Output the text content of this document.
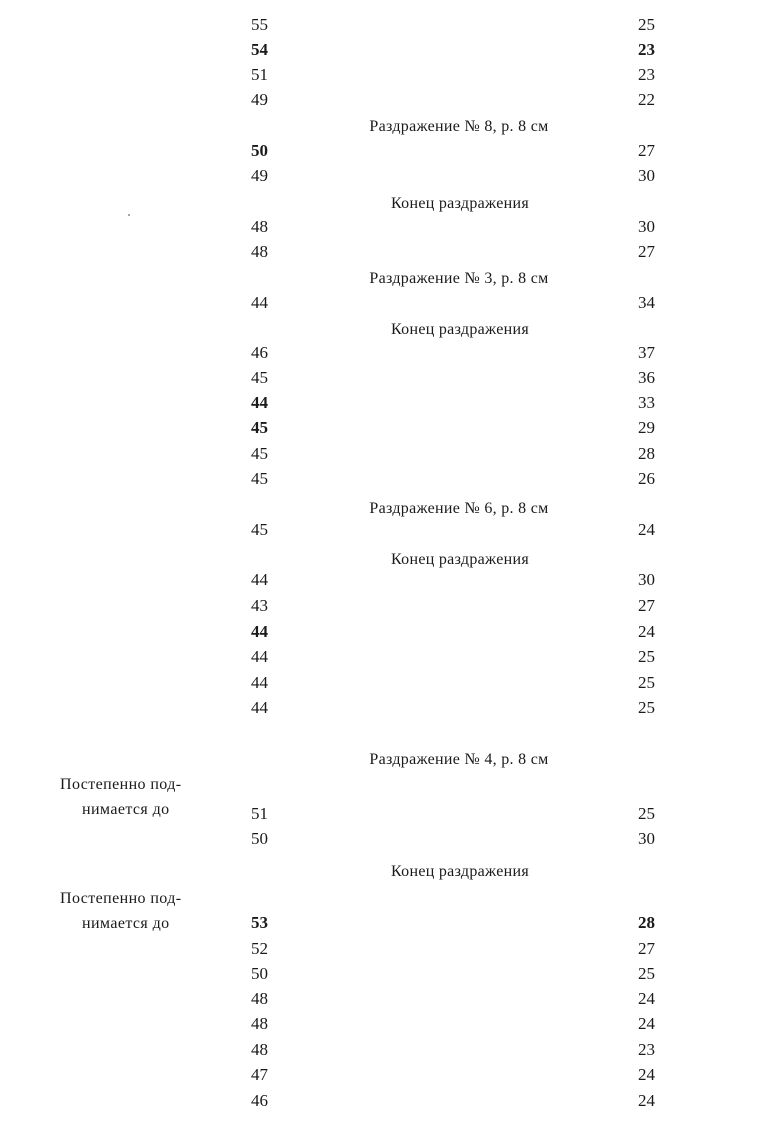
55	25
54	23
51	23
49	22
Раздражение № 8, р. 8 см
50	27
49	30
Конец раздражения
48	30
48	27
Раздражение № 3, р. 8 см
44	34
Конец раздражения
46	37
45	36
44	33
45	29
45	28
45	26
Раздражение № 6, р. 8 см
45	24
Конец раздражения
44	30
43	27
44	24
44	25
44	25
44	25
Раздражение № 4, р. 8 см
Постепенно под-
нимается до	51	25
50	30
Конец раздражения
Постепенно под-
нимается до	53	28
52	27
50	25
48	24
48	24
48	23
47	24
46	24
